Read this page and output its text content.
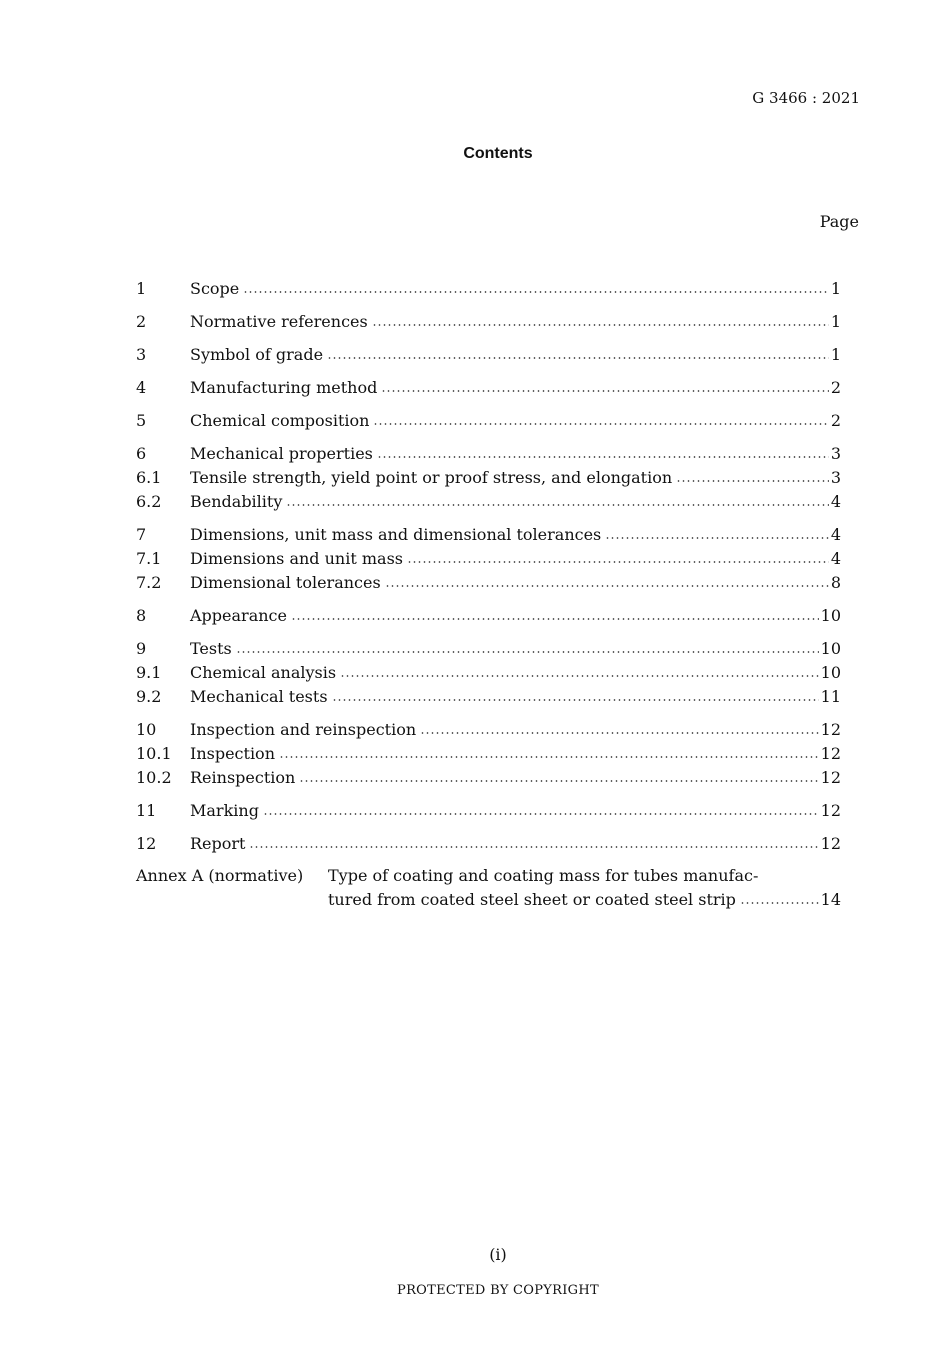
G 3466 : 2021
Contents
Page
1	Scope	1
2	Normative references	1
3	Symbol of grade	1
4	Manufacturing method	2
5	Chemical composition	2
6	Mechanical properties	3
6.1	Tensile strength, yield point or proof stress, and elongation	3
6.2	Bendability	4
7	Dimensions, unit mass and dimensional tolerances	4
7.1	Dimensions and unit mass	4
7.2	Dimensional tolerances	8
8	Appearance	10
9	Tests	10
9.1	Chemical analysis	10
9.2	Mechanical tests	11
10	Inspection and reinspection	12
10.1	Inspection	12
10.2	Reinspection	12
11	Marking	12
12	Report	12
Annex A (normative)	Type of coating and coating mass for tubes manufac-
tured from coated steel sheet or coated steel strip	14
(i)
PROTECTED BY COPYRIGHT
